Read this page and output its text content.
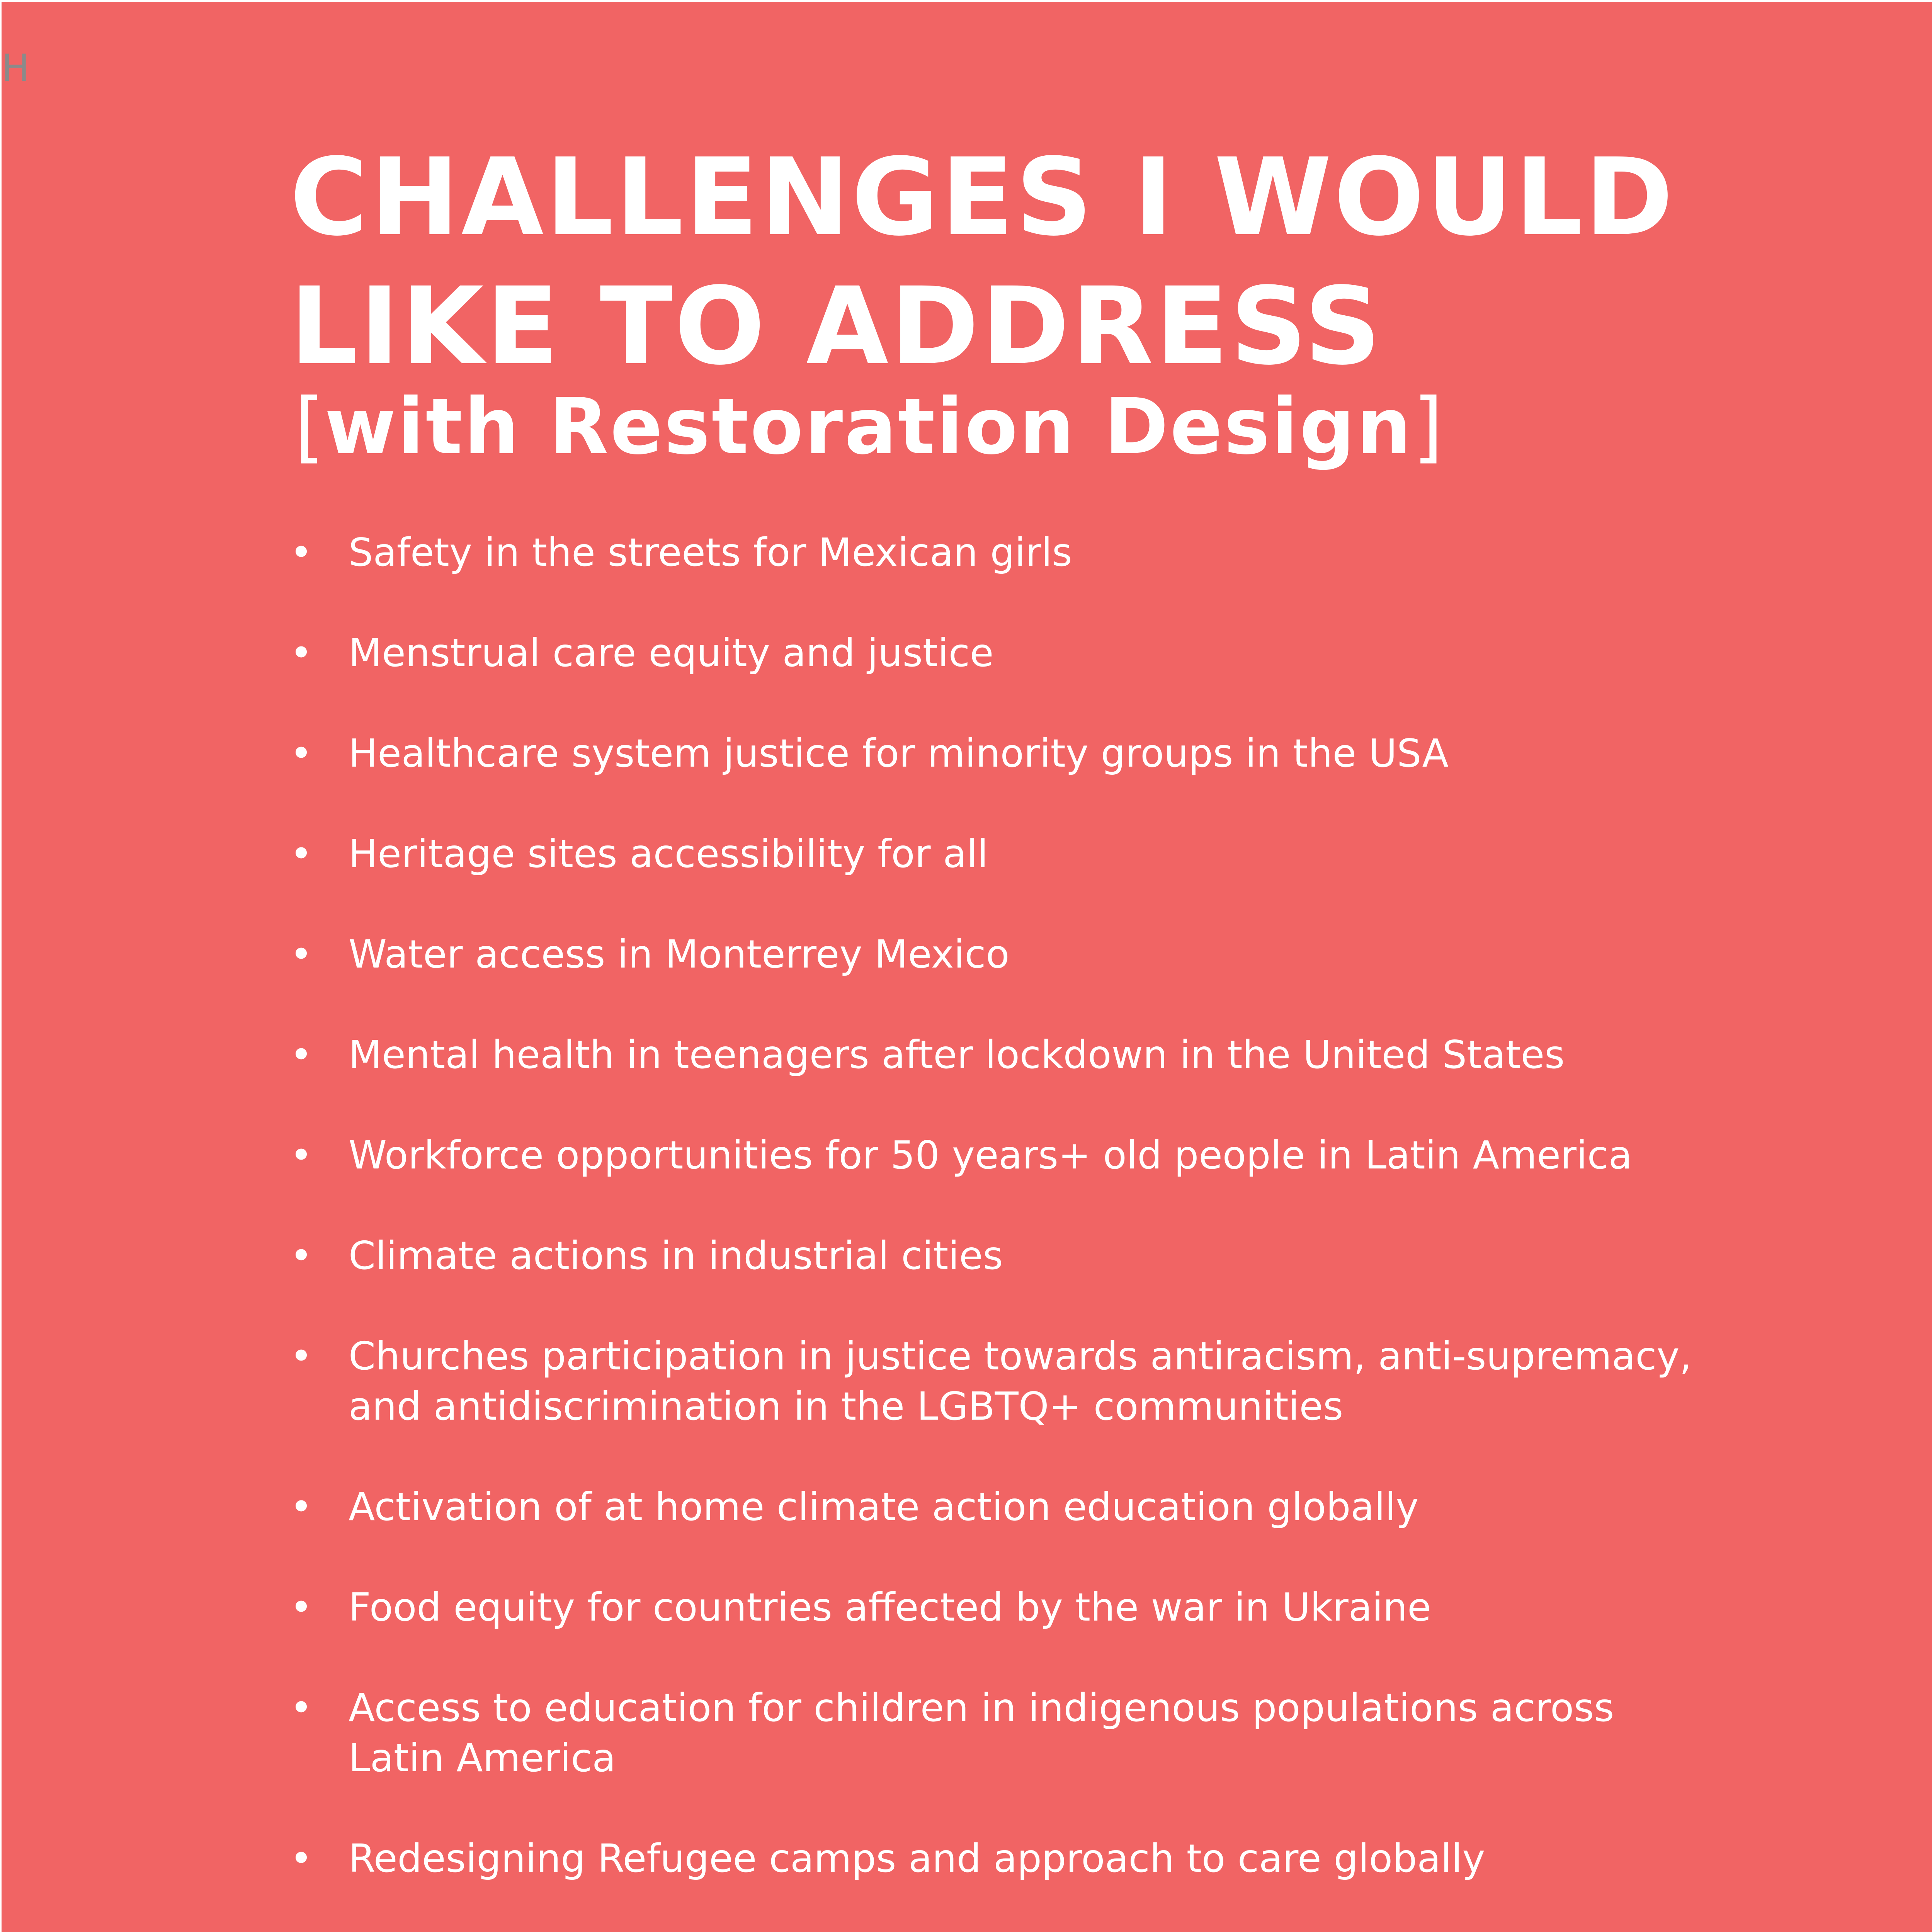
H
CHALLENGES I WOULD LIKE TO ADDRESS
[with Restoration Design]
• Safety in the streets for Mexican girls
• Menstrual care equity and justice
• Healthcare system justice for minority groups in the USA
• Heritage sites accessibility for all
• Water access in Monterrey Mexico
• Mental health in teenagers after lockdown in the United States
• Workforce opportunities for 50 years+ old people in Latin America
• Climate actions in industrial cities
• Churches participation in justice towards antiracism, anti-supremacy, and antidiscrimination in the LGBTQ+ communities
• Activation of at home climate action education globally
• Food equity for countries affected by the war in Ukraine
• Access to education for children in indigenous populations across Latin America
• Redesigning Refugee camps and approach to care globally
